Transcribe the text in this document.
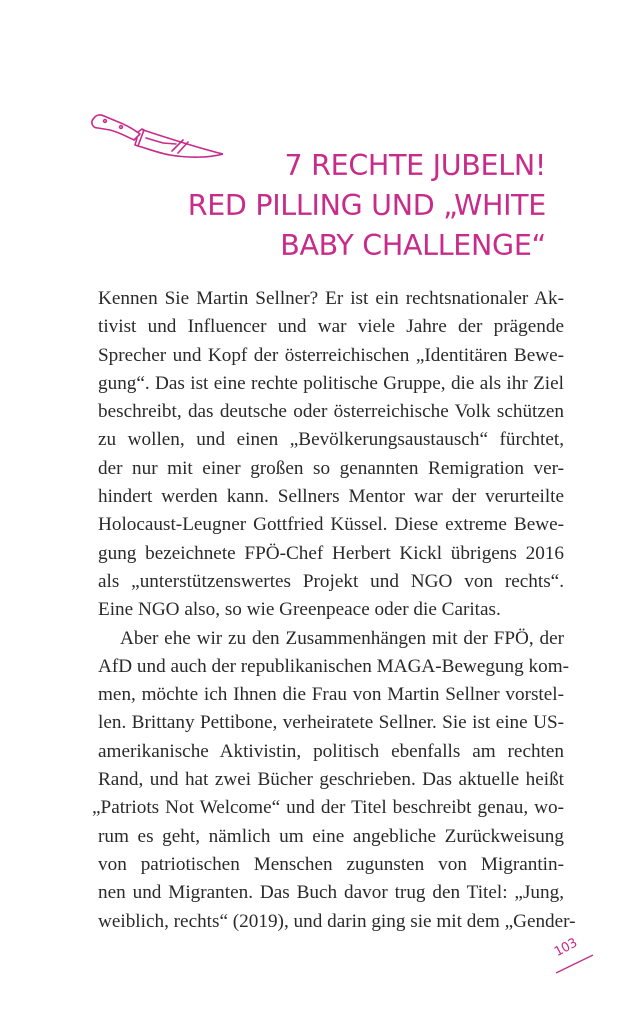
7 RECHTE JUBELN!
RED PILLING UND „WHITE
BABY CHALLENGE“
Kennen Sie Martin Sellner? Er ist ein rechtsnationaler Ak-
tivist und Influencer und war viele Jahre der prägende
Sprecher und Kopf der österreichischen „Identitären Bewe-
gung“. Das ist eine rechte politische Gruppe, die als ihr Ziel
beschreibt, das deutsche oder österreichische Volk schützen
zu wollen, und einen „Bevölkerungsaustausch“ fürchtet,
der nur mit einer großen so genannten Remigration ver-
hindert werden kann. Sellners Mentor war der verurteilte
Holocaust-Leugner Gottfried Küssel. Diese extreme Bewe-
gung bezeichnete FPÖ-Chef Herbert Kickl übrigens 2016
als „unterstützenswertes Projekt und NGO von rechts“.
Eine NGO also, so wie Greenpeace oder die Caritas.
Aber ehe wir zu den Zusammenhängen mit der FPÖ, der
AfD und auch der republikanischen MAGA-Bewegung kom-
men, möchte ich Ihnen die Frau von Martin Sellner vorstel-
len. Brittany Pettibone, verheiratete Sellner. Sie ist eine US-
amerikanische Aktivistin, politisch ebenfalls am rechten
Rand, und hat zwei Bücher geschrieben. Das aktuelle heißt
„Patriots Not Welcome“ und der Titel beschreibt genau, wo-
rum es geht, nämlich um eine angebliche Zurückweisung
von patriotischen Menschen zugunsten von Migrantin-
nen und Migranten. Das Buch davor trug den Titel: „Jung,
weiblich, rechts“ (2019), und darin ging sie mit dem „Gender-
103
